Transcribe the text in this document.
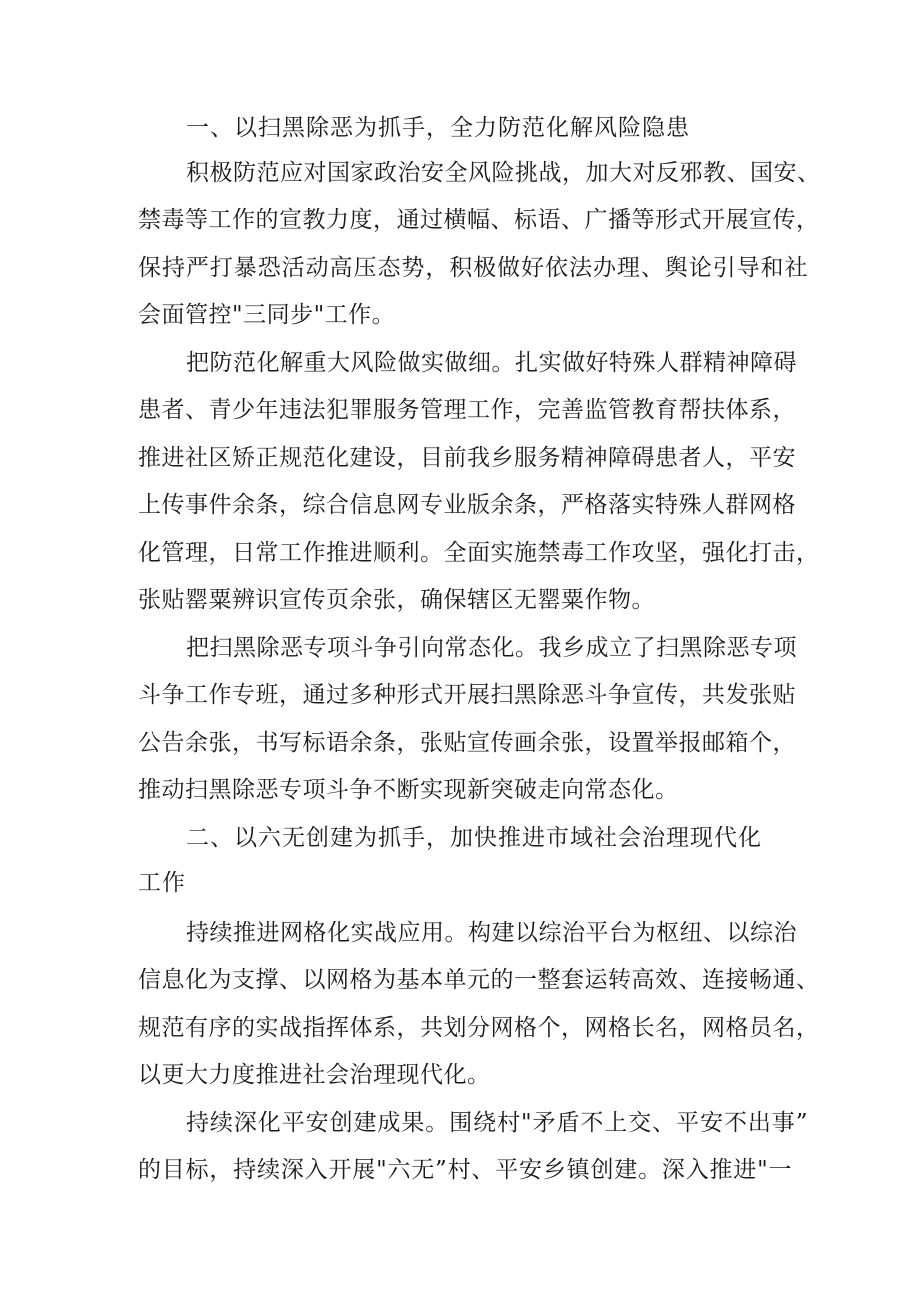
一、以扫黑除恶为抓手，全力防范化解风险隐患

积极防范应对国家政治安全风险挑战，加大对反邪教、国安、

禁毒等工作的宣教力度，通过横幅、标语、广播等形式开展宣传，

保持严打暴恐活动高压态势，积极做好依法办理、舆论引导和社

会面管控"三同步"工作。

把防范化解重大风险做实做细。扎实做好特殊人群精神障碍

患者、青少年违法犯罪服务管理工作，完善监管教育帮扶体系，

推进社区矫正规范化建设，目前我乡服务精神障碍患者人，平安

上传事件余条，综合信息网专业版余条，严格落实特殊人群网格

化管理，日常工作推进顺利。全面实施禁毒工作攻坚，强化打击，

张贴罂粟辨识宣传页余张，确保辖区无罂粟作物。

把扫黑除恶专项斗争引向常态化。我乡成立了扫黑除恶专项

斗争工作专班，通过多种形式开展扫黑除恶斗争宣传，共发张贴

公告余张，书写标语余条，张贴宣传画余张，设置举报邮箱个，

推动扫黑除恶专项斗争不断实现新突破走向常态化。

二、以六无创建为抓手，加快推进市域社会治理现代化

工作

持续推进网格化实战应用。构建以综治平台为枢纽、以综治

信息化为支撑、以网格为基本单元的一整套运转高效、连接畅通、

规范有序的实战指挥体系，共划分网格个，网格长名，网格员名，

以更大力度推进社会治理现代化。

持续深化平安创建成果。围绕村"矛盾不上交、平安不出事”

的目标，持续深入开展"六无”村、平安乡镇创建。深入推进"一
